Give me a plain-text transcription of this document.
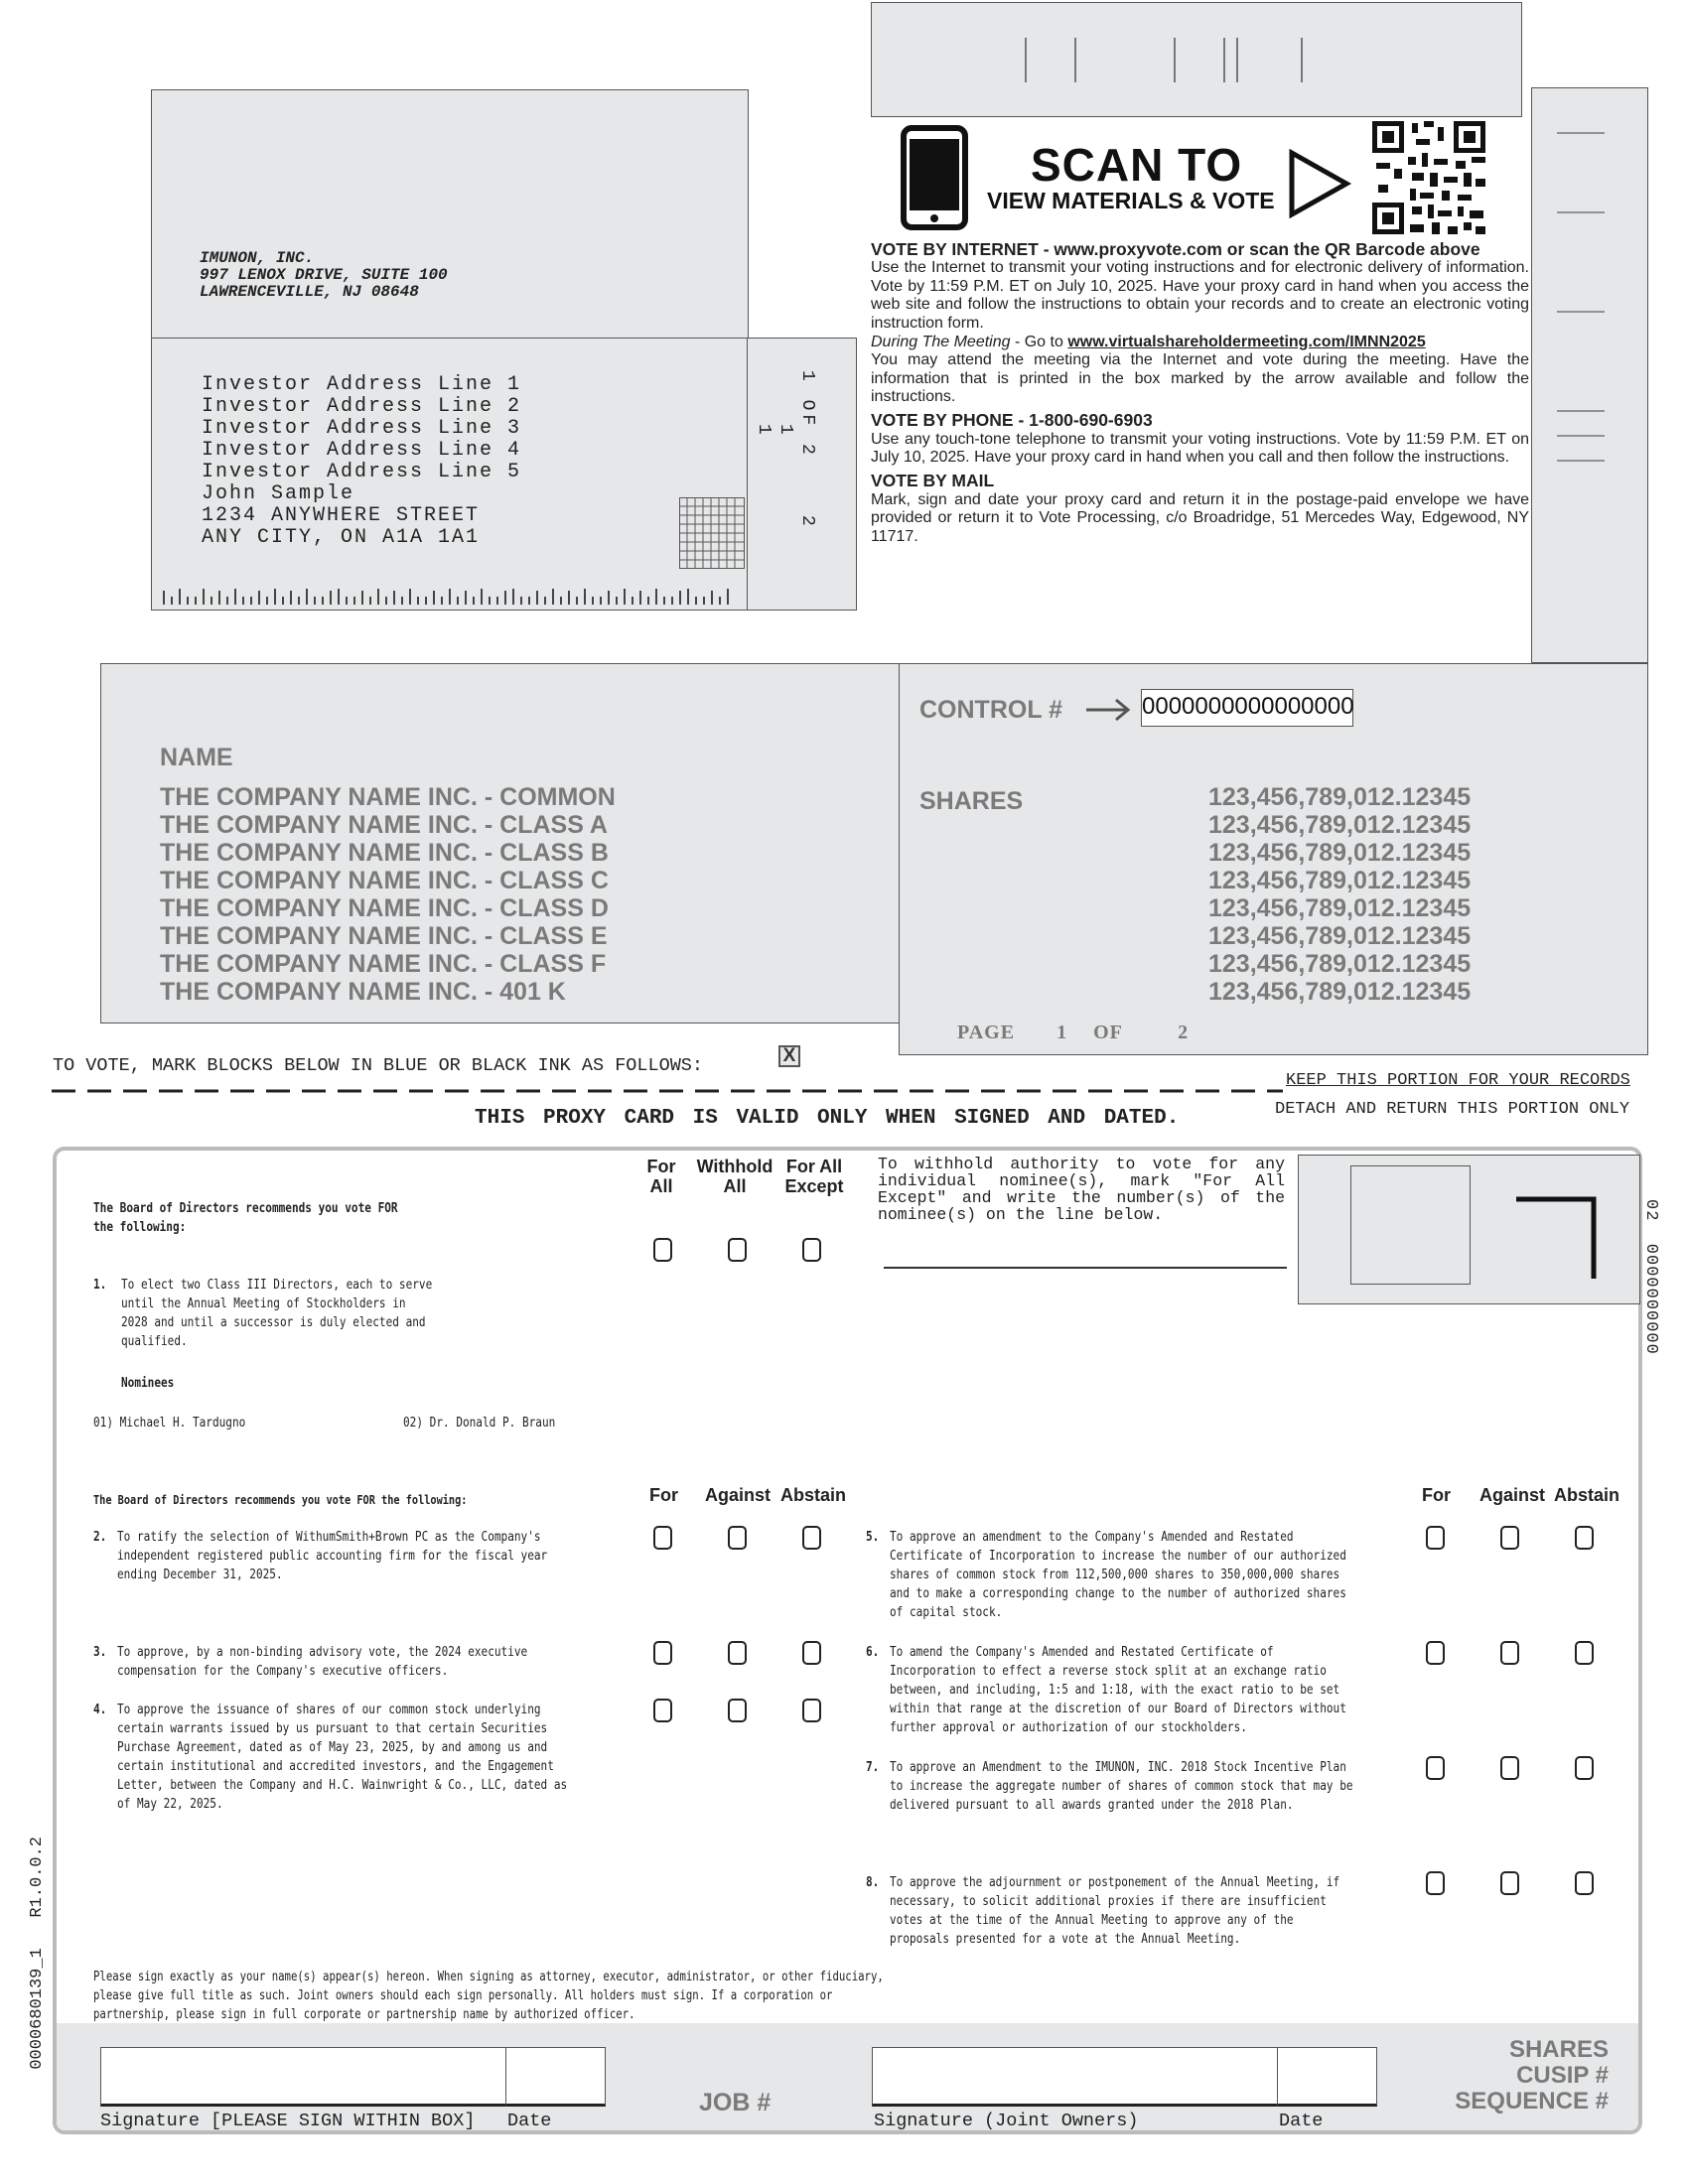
IMUNON, INC.
997 LENOX DRIVE, SUITE 100
LAWRENCEVILLE, NJ 08648
Investor Address Line 1
Investor Address Line 2
Investor Address Line 3
Investor Address Line 4
Investor Address Line 5
John Sample
1234 ANYWHERE STREET
ANY CITY, ON A1A 1A1
1 OF 2
1
1
2
SCAN TO
VIEW MATERIALS & VOTE
VOTE BY INTERNET - www.proxyvote.com or scan the QR Barcode above
Use the Internet to transmit your voting instructions and for electronic delivery of information. Vote by 11:59 P.M. ET on July 10, 2025. Have your proxy card in hand when you access the web site and follow the instructions to obtain your records and to create an electronic voting instruction form.
During The Meeting - Go to www.virtualshareholdermeeting.com/IMNN2025
You may attend the meeting via the Internet and vote during the meeting. Have the information that is printed in the box marked by the arrow available and follow the instructions.
VOTE BY PHONE - 1-800-690-6903
Use any touch-tone telephone to transmit your voting instructions. Vote by 11:59 P.M. ET on July 10, 2025. Have your proxy card in hand when you call and then follow the instructions.
VOTE BY MAIL
Mark, sign and date your proxy card and return it in the postage-paid envelope we have provided or return it to Vote Processing, c/o Broadridge, 51 Mercedes Way, Edgewood, NY 11717.
NAME
THE COMPANY NAME INC. - COMMON
THE COMPANY NAME INC. - CLASS A
THE COMPANY NAME INC. - CLASS B
THE COMPANY NAME INC. - CLASS C
THE COMPANY NAME INC. - CLASS D
THE COMPANY NAME INC. - CLASS E
THE COMPANY NAME INC. - CLASS F
THE COMPANY NAME INC. - 401 K
CONTROL #	0000000000000000
SHARES	123,456,789,012.12345
123,456,789,012.12345
123,456,789,012.12345
123,456,789,012.12345
123,456,789,012.12345
123,456,789,012.12345
123,456,789,012.12345
123,456,789,012.12345
PAGE 1 OF	2
TO VOTE, MARK BLOCKS BELOW IN BLUE OR BLACK INK AS FOLLOWS:	X
KEEP THIS PORTION FOR YOUR RECORDS
DETACH AND RETURN THIS PORTION ONLY
THIS PROXY CARD IS VALID ONLY WHEN SIGNED AND DATED.
For
All
Withhold
All
For All
Except
To withhold authority to vote for any individual nominee(s), mark "For All Except" and write the number(s) of the nominee(s) on the line below.
The Board of Directors recommends you vote FOR
the following:
1. To elect two Class III Directors, each to serve
until the Annual Meeting of Stockholders in
2028 and until a successor is duly elected and
qualified.
Nominees
01) Michael H. Tardugno	02) Dr. Donald P. Braun
The Board of Directors recommends you vote FOR the following:	For Against Abstain	For Against Abstain
2. To ratify the selection of WithumSmith+Brown PC as the Company's
independent registered public accounting firm for the fiscal year
ending December 31, 2025.
3. To approve, by a non-binding advisory vote, the 2024 executive
compensation for the Company's executive officers.
4. To approve the issuance of shares of our common stock underlying
certain warrants issued by us pursuant to that certain Securities
Purchase Agreement, dated as of May 23, 2025, by and among us and
certain institutional and accredited investors, and the Engagement
Letter, between the Company and H.C. Wainwright & Co., LLC, dated as
of May 22, 2025.
5. To approve an amendment to the Company's Amended and Restated
Certificate of Incorporation to increase the number of our authorized
shares of common stock from 112,500,000 shares to 350,000,000 shares
and to make a corresponding change to the number of authorized shares
of capital stock.
6. To amend the Company's Amended and Restated Certificate of
Incorporation to effect a reverse stock split at an exchange ratio
between, and including, 1:5 and 1:18, with the exact ratio to be set
within that range at the discretion of our Board of Directors without
further approval or authorization of our stockholders.
7. To approve an Amendment to the IMUNON, INC. 2018 Stock Incentive Plan
to increase the aggregate number of shares of common stock that may be
delivered pursuant to all awards granted under the 2018 Plan.
8. To approve the adjournment or postponement of the Annual Meeting, if
necessary, to solicit additional proxies if there are insufficient
votes at the time of the Annual Meeting to approve any of the
proposals presented for a vote at the Annual Meeting.
Please sign exactly as your name(s) appear(s) hereon. When signing as attorney, executor, administrator, or other fiduciary,
please give full title as such. Joint owners should each sign personally. All holders must sign. If a corporation or
partnership, please sign in full corporate or partnership name by authorized officer.
Signature [PLEASE SIGN WITHIN BOX] Date
JOB #
Signature (Joint Owners)	Date
SHARES
CUSIP #
SEQUENCE #
02  0000000000
0000680139_1   R1.0.0.2
